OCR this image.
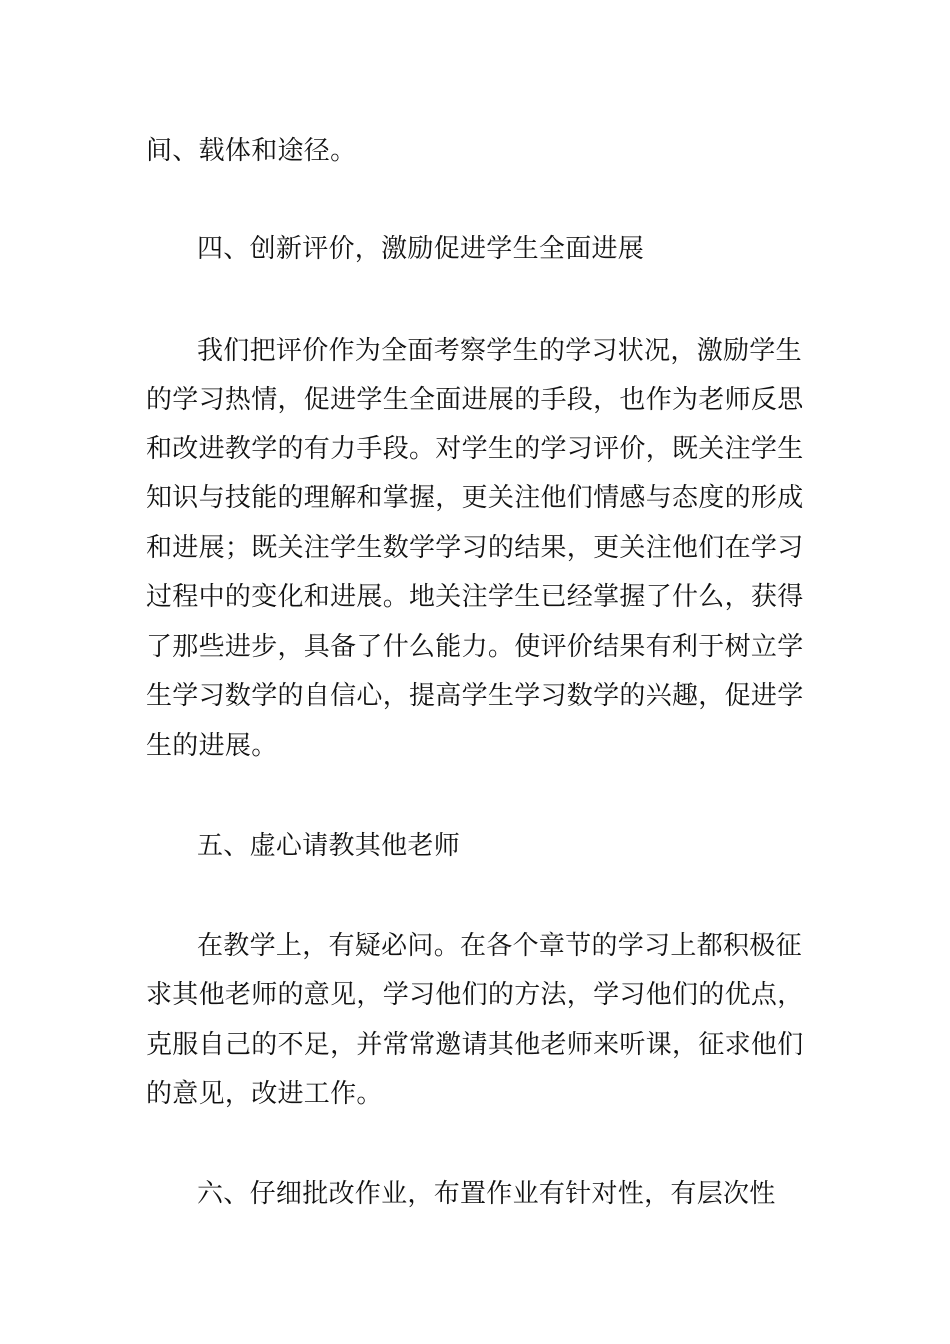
间、载体和途径。
四、创新评价，激励促进学生全面进展
我们把评价作为全面考察学生的学习状况，激励学生
的学习热情，促进学生全面进展的手段，也作为老师反思
和改进教学的有力手段。对学生的学习评价，既关注学生
知识与技能的理解和掌握，更关注他们情感与态度的形成
和进展；既关注学生数学学习的结果，更关注他们在学习
过程中的变化和进展。地关注学生已经掌握了什么，获得
了那些进步，具备了什么能力。使评价结果有利于树立学
生学习数学的自信心，提高学生学习数学的兴趣，促进学
生的进展。
五、虚心请教其他老师
在教学上，有疑必问。在各个章节的学习上都积极征
求其他老师的意见，学习他们的方法，学习他们的优点，
克服自己的不足，并常常邀请其他老师来听课，征求他们
的意见，改进工作。
六、仔细批改作业，布置作业有针对性，有层次性
